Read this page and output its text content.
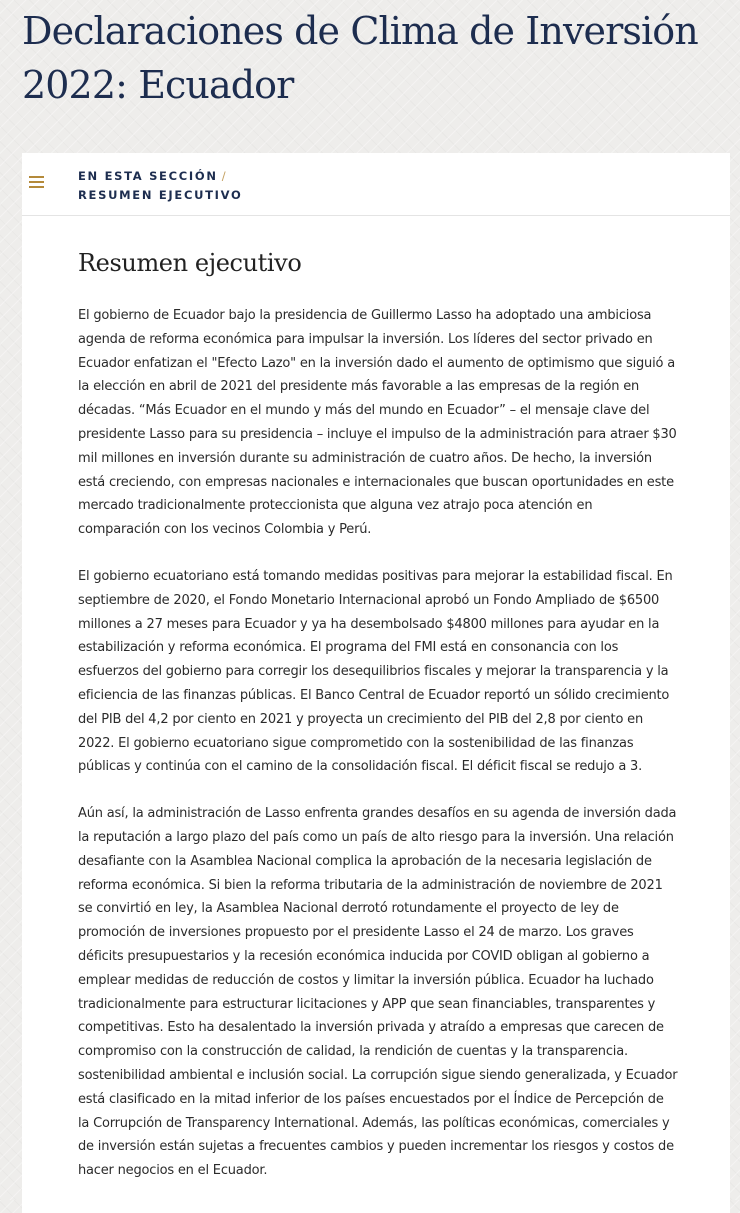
Declaraciones de Clima de Inversión 2022: Ecuador
EN ESTA SECCIÓN /
RESUMEN EJECUTIVO
Resumen ejecutivo

El gobierno de Ecuador bajo la presidencia de Guillermo Lasso ha adoptado una ambiciosa agenda de reforma económica para impulsar la inversión. Los líderes del sector privado en Ecuador enfatizan el "Efecto Lazo" en la inversión dado el aumento de optimismo que siguió a la elección en abril de 2021 del presidente más favorable a las empresas de la región en décadas. “Más Ecuador en el mundo y más del mundo en Ecuador” – el mensaje clave del presidente Lasso para su presidencia – incluye el impulso de la administración para atraer $30 mil millones en inversión durante su administración de cuatro años. De hecho, la inversión está creciendo, con empresas nacionales e internacionales que buscan oportunidades en este mercado tradicionalmente proteccionista que alguna vez atrajo poca atención en comparación con los vecinos Colombia y Perú.

El gobierno ecuatoriano está tomando medidas positivas para mejorar la estabilidad fiscal. En septiembre de 2020, el Fondo Monetario Internacional aprobó un Fondo Ampliado de $6500 millones a 27 meses para Ecuador y ya ha desembolsado $4800 millones para ayudar en la estabilización y reforma económica. El programa del FMI está en consonancia con los esfuerzos del gobierno para corregir los desequilibrios fiscales y mejorar la transparencia y la eficiencia de las finanzas públicas. El Banco Central de Ecuador reportó un sólido crecimiento del PIB del 4,2 por ciento en 2021 y proyecta un crecimiento del PIB del 2,8 por ciento en 2022. El gobierno ecuatoriano sigue comprometido con la sostenibilidad de las finanzas públicas y continúa con el camino de la consolidación fiscal. El déficit fiscal se redujo a 3.

Aún así, la administración de Lasso enfrenta grandes desafíos en su agenda de inversión dada la reputación a largo plazo del país como un país de alto riesgo para la inversión. Una relación desafiante con la Asamblea Nacional complica la aprobación de la necesaria legislación de reforma económica. Si bien la reforma tributaria de la administración de noviembre de 2021 se convirtió en ley, la Asamblea Nacional derrotó rotundamente el proyecto de ley de promoción de inversiones propuesto por el presidente Lasso el 24 de marzo. Los graves déficits presupuestarios y la recesión económica inducida por COVID obligan al gobierno a emplear medidas de reducción de costos y limitar la inversión pública. Ecuador ha luchado tradicionalmente para estructurar licitaciones y APP que sean financiables, transparentes y competitivas. Esto ha desalentado la inversión privada y atraído a empresas que carecen de compromiso con la construcción de calidad, la rendición de cuentas y la transparencia. sostenibilidad ambiental e inclusión social. La corrupción sigue siendo generalizada, y Ecuador está clasificado en la mitad inferior de los países encuestados por el Índice de Percepción de la Corrupción de Transparency International. Además, las políticas económicas, comerciales y de inversión están sujetas a frecuentes cambios y pueden incrementar los riesgos y costos de hacer negocios en el Ecuador.
